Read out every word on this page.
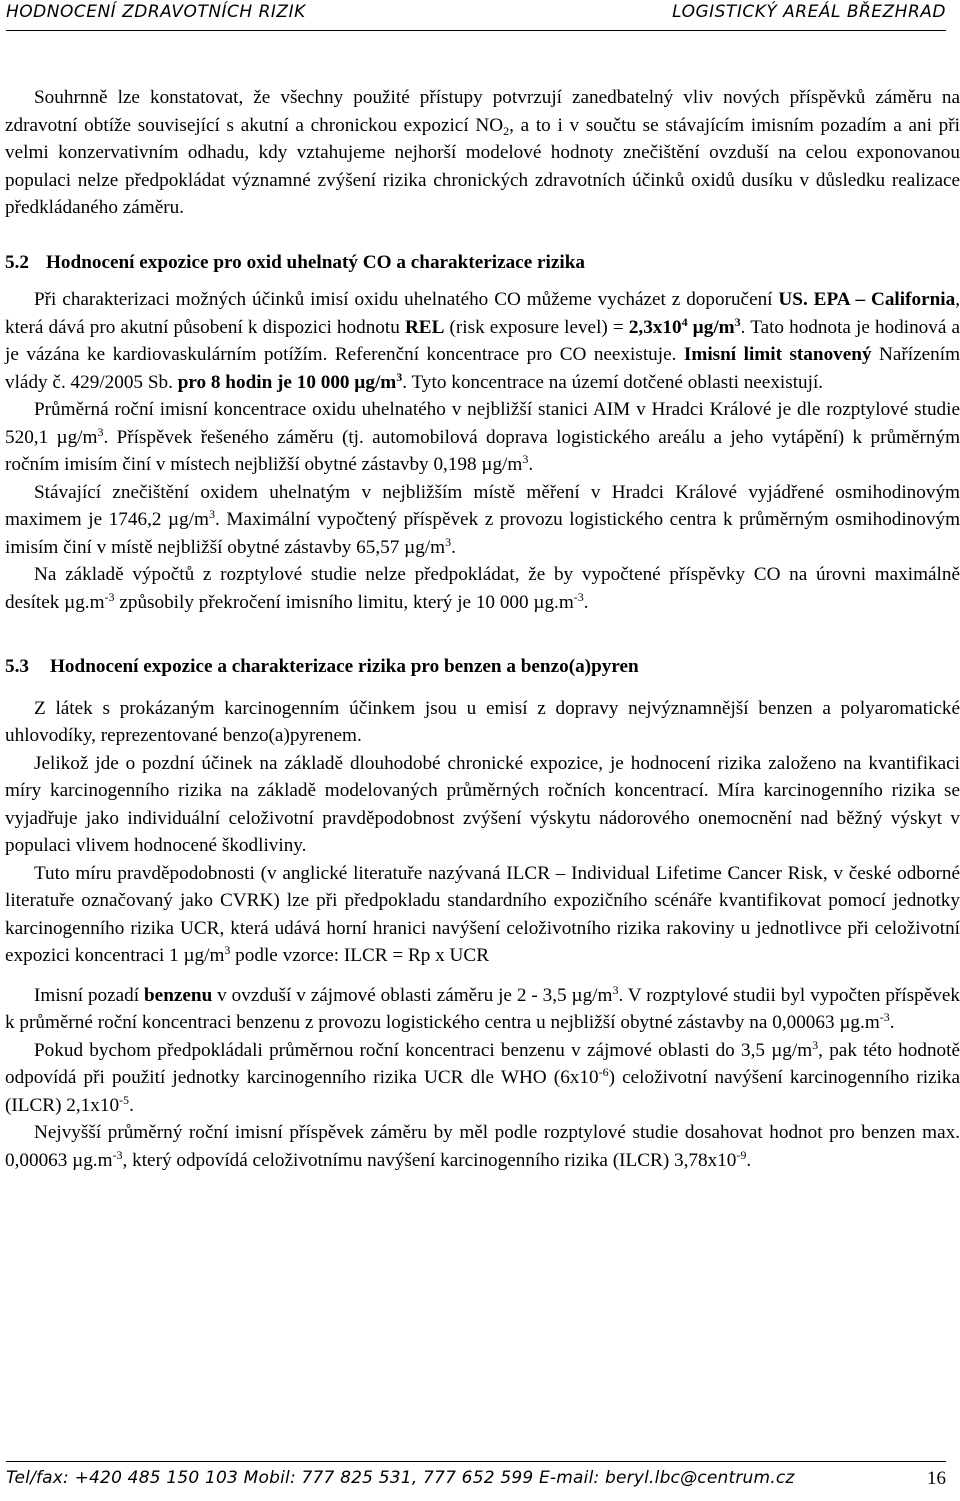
HODNOCENÍ ZDRAVOTNÍCH RIZIK	LOGISTICKÝ AREÁL BŘEZHRAD

Souhrnně lze konstatovat, že všechny použité přístupy potvrzují zanedbatelný vliv nových příspěvků záměru na zdravotní obtíže související s akutní a chronickou expozicí $NO_2$, a to i v součtu se stávajícím imisním pozadím a ani při velmi konzervativním odhadu, kdy vztahujeme nejhorší modelové hodnoty znečištění ovzduší na celou exponovanou populaci nelze předpokládat významné zvýšení rizika chronických zdravotních účinků oxidů dusíku v důsledku realizace předkládaného záměru.

5.2 Hodnocení expozice pro oxid uhelnatý CO a charakterizace rizika

Při charakterizaci možných účinků imisí oxidu uhelnatého CO můžeme vycházet z doporučení US. EPA – California, která dává pro akutní působení k dispozici hodnotu REL (risk exposure level) = $2,3x10^4$ $\mu g/m^3$. Tato hodnota je hodinová a je vázána ke kardiovaskulárním potížím. Referenční koncentrace pro CO neexistuje. Imisní limit stanovený Nařízením vlády č. 429/2005 Sb. pro 8 hodin je 10 000 $\mu g/m^3$. Tyto koncentrace na území dotčené oblasti neexistují.

Průměrná roční imisní koncentrace oxidu uhelnatého v nejbližší stanici AIM v Hradci Králové je dle rozptylové studie 520,1 $\mu g/m^3$. Příspěvek řešeného záměru (tj. automobilová doprava logistického areálu a jeho vytápění) k průměrným ročním imisím činí v místech nejbližší obytné zástavby 0,198 $\mu g/m^3$.

Stávající znečištění oxidem uhelnatým v nejbližším místě měření v Hradci Králové vyjádřené osmihodinovým maximem je 1746,2 $\mu g/m^3$. Maximální vypočtený příspěvek z provozu logistického centra k průměrným osmihodinovým imisím činí v místě nejbližší obytné zástavby 65,57 $\mu g/m^3$.

Na základě výpočtů z rozptylové studie nelze předpokládat, že by vypočtené příspěvky CO na úrovni maximálně desítek $\mu g.m^{-3}$ způsobily překročení imisního limitu, který je 10 000 $\mu g.m^{-3}$.

5.3 Hodnocení expozice a charakterizace rizika pro benzen a benzo(a)pyren

Z látek s prokázaným karcinogenním účinkem jsou u emisí z dopravy nejvýznamnější benzen a polyaromatické uhlovodíky, reprezentované benzo(a)pyrenem.

Jelikož jde o pozdní účinek na základě dlouhodobé chronické expozice, je hodnocení rizika založeno na kvantifikaci míry karcinogenního rizika na základě modelovaných průměrných ročních koncentrací. Míra karcinogenního rizika se vyjadřuje jako individuální celoživotní pravděpodobnost zvýšení výskytu nádorového onemocnění nad běžný výskyt v populaci vlivem hodnocené škodliviny.

Tuto míru pravděpodobnosti (v anglické literatuře nazývaná ILCR – Individual Lifetime Cancer Risk, v české odborné literatuře označovaný jako CVRK) lze při předpokladu standardního expozičního scénáře kvantifikovat pomocí jednotky karcinogenního rizika UCR, která udává horní hranici navýšení celoživotního rizika rakoviny u jednotlivce při celoživotní expozici koncentraci 1 $\mu g/m^3$ podle vzorce: ILCR = Rp x UCR

Imisní pozadí benzenu v ovzduší v zájmové oblasti záměru je 2 - 3,5 $\mu g/m^3$. V rozptylové studii byl vypočten příspěvek k průměrné roční koncentraci benzenu z provozu logistického centra u nejbližší obytné zástavby na 0,00063 $\mu g.m^{-3}$.

Pokud bychom předpokládali průměrnou roční koncentraci benzenu v zájmové oblasti do 3,5 $\mu g/m^3$, pak této hodnotě odpovídá při použití jednotky karcinogenního rizika UCR dle WHO $(6x10^{-6})$ celoživotní navýšení karcinogenního rizika (ILCR) $2,1x10^{-5}$.

Nejvyšší průměrný roční imisní příspěvek záměru by měl podle rozptylové studie dosahovat hodnot pro benzen max. 0,00063 $\mu g.m^{-3}$, který odpovídá celoživotnímu navýšení karcinogenního rizika (ILCR) $3,78x10^{-9}$.

Tel/fax: +420 485 150 103 Mobil: 777 825 531, 777 652 599 E-mail: beryl.lbc@centrum.cz	16
